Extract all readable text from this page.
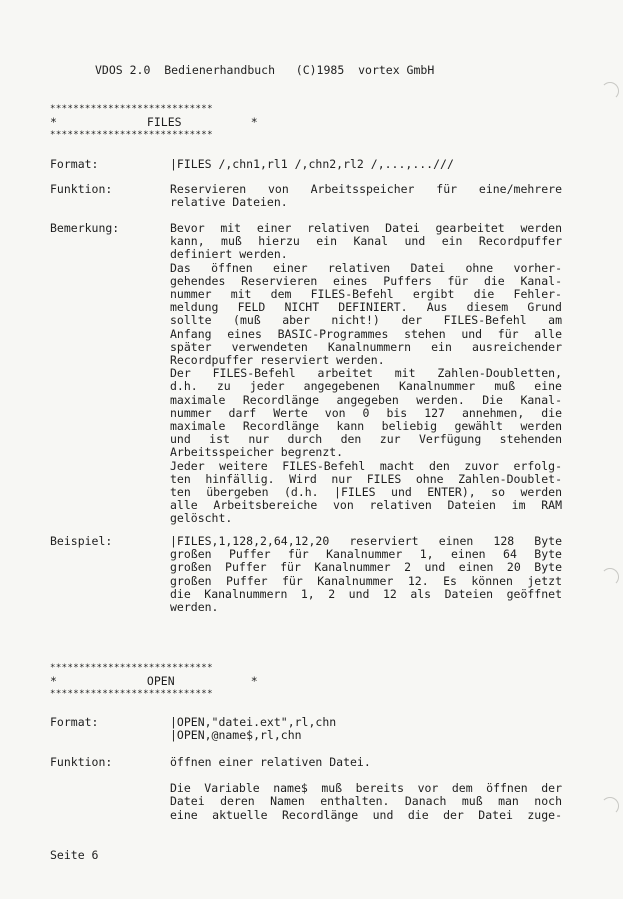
VDOS 2.0  Bedienerhandbuch   (C)1985  vortex GmbH
****************************
*             FILES          *
****************************
Format:	|FILES /,chn1,rl1 /,chn2,rl2 /,...,...///
Funktion:	Reservieren von Arbeitsspeicher für eine/mehrere
relative Dateien.
Bemerkung:	Bevor mit einer relativen Datei gearbeitet werden
kann, muß hierzu ein Kanal und ein Recordpuffer
definiert werden.
Das öffnen einer relativen Datei ohne vorher-
gehendes Reservieren eines Puffers für die Kanal-
nummer mit dem FILES-Befehl ergibt die Fehler-
meldung FELD NICHT DEFINIERT. Aus diesem Grund
sollte (muß aber nicht!) der FILES-Befehl am
Anfang eines BASIC-Programmes stehen und für alle
später verwendeten Kanalnummern ein ausreichender
Recordpuffer reserviert werden.
Der FILES-Befehl arbeitet mit Zahlen-Doubletten,
d.h. zu jeder angegebenen Kanalnummer muß eine
maximale Recordlänge angegeben werden. Die Kanal-
nummer darf Werte von 0 bis 127 annehmen, die
maximale Recordlänge kann beliebig gewählt werden
und ist nur durch den zur Verfügung stehenden
Arbeitsspeicher begrenzt.
Jeder weitere FILES-Befehl macht den zuvor erfolg-
ten hinfällig. Wird nur FILES ohne Zahlen-Doublet-
ten übergeben (d.h. |FILES und ENTER), so werden
alle Arbeitsbereiche von relativen Dateien im RAM
gelöscht.
Beispiel:	|FILES,1,128,2,64,12,20 reserviert einen 128 Byte
großen Puffer für Kanalnummer 1, einen 64 Byte
großen Puffer für Kanalnummer 2 und einen 20 Byte
großen Puffer für Kanalnummer 12. Es können jetzt
die Kanalnummern 1, 2 und 12 als Dateien geöffnet
werden.
****************************
*             OPEN           *
****************************
Format:	|OPEN,"datei.ext",rl,chn
|OPEN,@name$,rl,chn
Funktion:	öffnen einer relativen Datei.
Die Variable name$ muß bereits vor dem öffnen der
Datei deren Namen enthalten. Danach muß man noch
eine aktuelle Recordlänge und die der Datei zuge-
Seite 6
